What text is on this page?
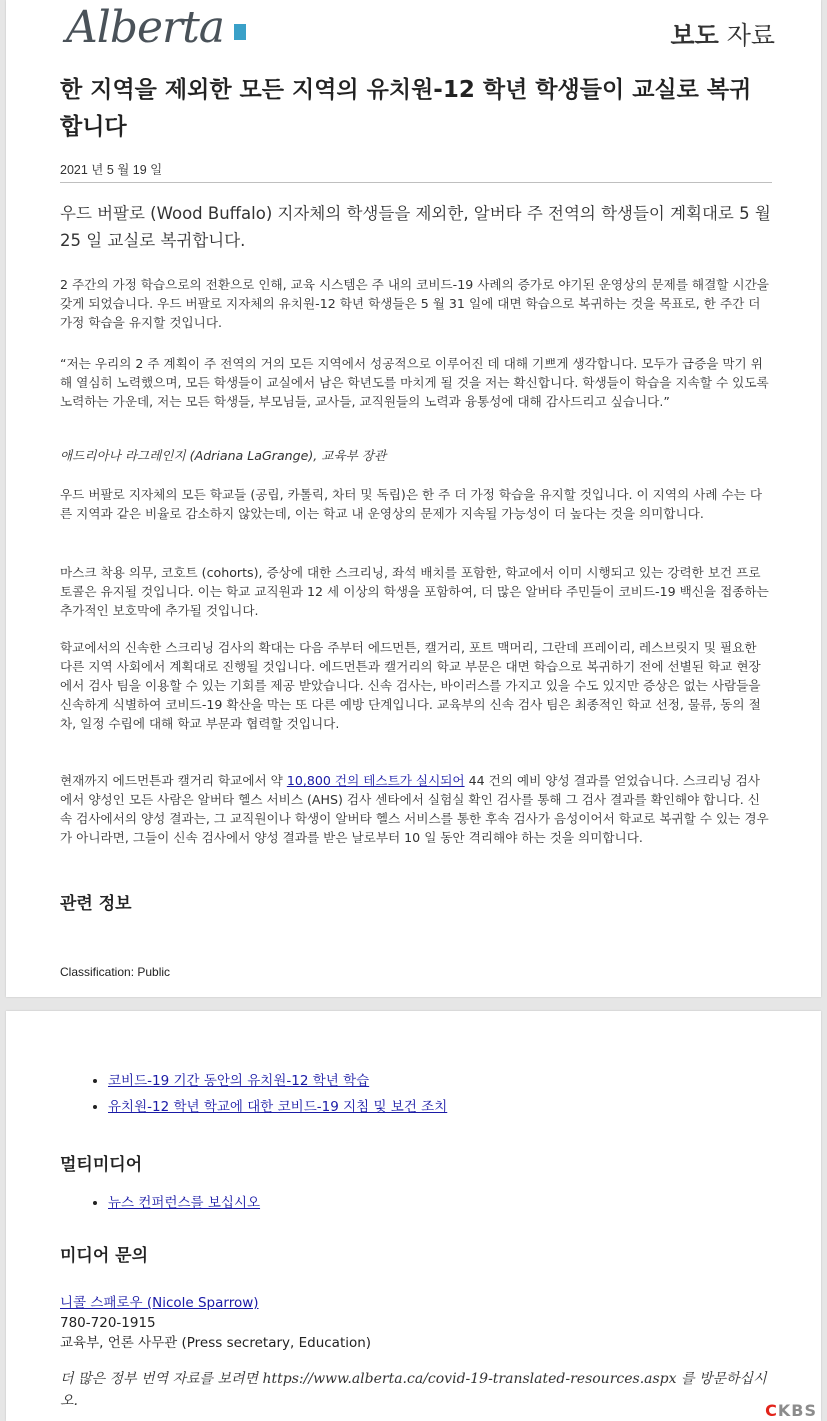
Alberta	보도 자료
한 지역을 제외한 모든 지역의 유치원-12 학년 학생들이 교실로 복귀합니다
2021 년 5 월 19 일
우드 버팔로 (Wood Buffalo) 지자체의 학생들을 제외한, 알버타 주 전역의 학생들이 계획대로 5 월 25 일 교실로 복귀합니다.
2 주간의 가정 학습으로의 전환으로 인해, 교육 시스템은 주 내의 코비드-19 사례의 증가로 야기된 운영상의 문제를 해결할 시간을 갖게 되었습니다. 우드 버팔로 지자체의 유치원-12 학년 학생들은 5 월 31 일에 대면 학습으로 복귀하는 것을 목표로, 한 주간 더 가정 학습을 유지할 것입니다.
“저는 우리의 2 주 계획이 주 전역의 거의 모든 지역에서 성공적으로 이루어진 데 대해 기쁘게 생각합니다. 모두가 급증을 막기 위해 열심히 노력했으며, 모든 학생들이 교실에서 남은 학년도를 마치게 될 것을 저는 확신합니다. 학생들이 학습을 지속할 수 있도록 노력하는 가운데, 저는 모든 학생들, 부모님들, 교사들, 교직원들의 노력과 융통성에 대해 감사드리고 싶습니다.”
애드리아나 라그레인지 (Adriana LaGrange), 교육부 장관
우드 버팔로 지자체의 모든 학교들 (공립, 카톨릭, 차터 및 독립)은 한 주 더 가정 학습을 유지할 것입니다. 이 지역의 사례 수는 다른 지역과 같은 비율로 감소하지 않았는데, 이는 학교 내 운영상의 문제가 지속될 가능성이 더 높다는 것을 의미합니다.
마스크 착용 의무, 코호트 (cohorts), 증상에 대한 스크리닝, 좌석 배치를 포함한, 학교에서 이미 시행되고 있는 강력한 보건 프로토콜은 유지될 것입니다. 이는 학교 교직원과 12 세 이상의 학생을 포함하여, 더 많은 알버타 주민들이 코비드-19 백신을 접종하는 추가적인 보호막에 추가될 것입니다.
학교에서의 신속한 스크리닝 검사의 확대는 다음 주부터 에드먼튼, 캘거리, 포트 맥머리, 그란데 프레이리, 레스브릿지 및 필요한 다른 지역 사회에서 계획대로 진행될 것입니다. 에드먼튼과 캘거리의 학교 부문은 대면 학습으로 복귀하기 전에 선별된 학교 현장에서 검사 팀을 이용할 수 있는 기회를 제공 받았습니다. 신속 검사는, 바이러스를 가지고 있을 수도 있지만 증상은 없는 사람들을 신속하게 식별하여 코비드-19 확산을 막는 또 다른 예방 단계입니다. 교육부의 신속 검사 팀은 최종적인 학교 선정, 물류, 동의 절차, 일정 수립에 대해 학교 부문과 협력할 것입니다.
현재까지 에드먼튼과 캘거리 학교에서 약 10,800 건의 테스트가 실시되어 44 건의 예비 양성 결과를 얻었습니다. 스크리닝 검사에서 양성인 모든 사람은 알버타 헬스 서비스 (AHS) 검사 센타에서 실험실 확인 검사를 통해 그 검사 결과를 확인해야 합니다. 신속 검사에서의 양성 결과는, 그 교직원이나 학생이 알버타 헬스 서비스를 통한 후속 검사가 음성이어서 학교로 복귀할 수 있는 경우가 아니라면, 그들이 신속 검사에서 양성 결과를 받은 날로부터 10 일 동안 격리해야 하는 것을 의미합니다.
관련 정보
Classification: Public
• 코비드-19 기간 동안의 유치원-12 학년 학습
• 유치원-12 학년 학교에 대한 코비드-19 지침 및 보건 조치
멀티미디어
• 뉴스 컨퍼런스를 보십시오
미디어 문의
니콜 스패로우 (Nicole Sparrow)
780-720-1915
교육부, 언론 사무관 (Press secretary, Education)
더 많은 정부 번역 자료를 보려면 https://www.alberta.ca/covid-19-translated-resources.aspx 를 방문하십시오.	CKBS
